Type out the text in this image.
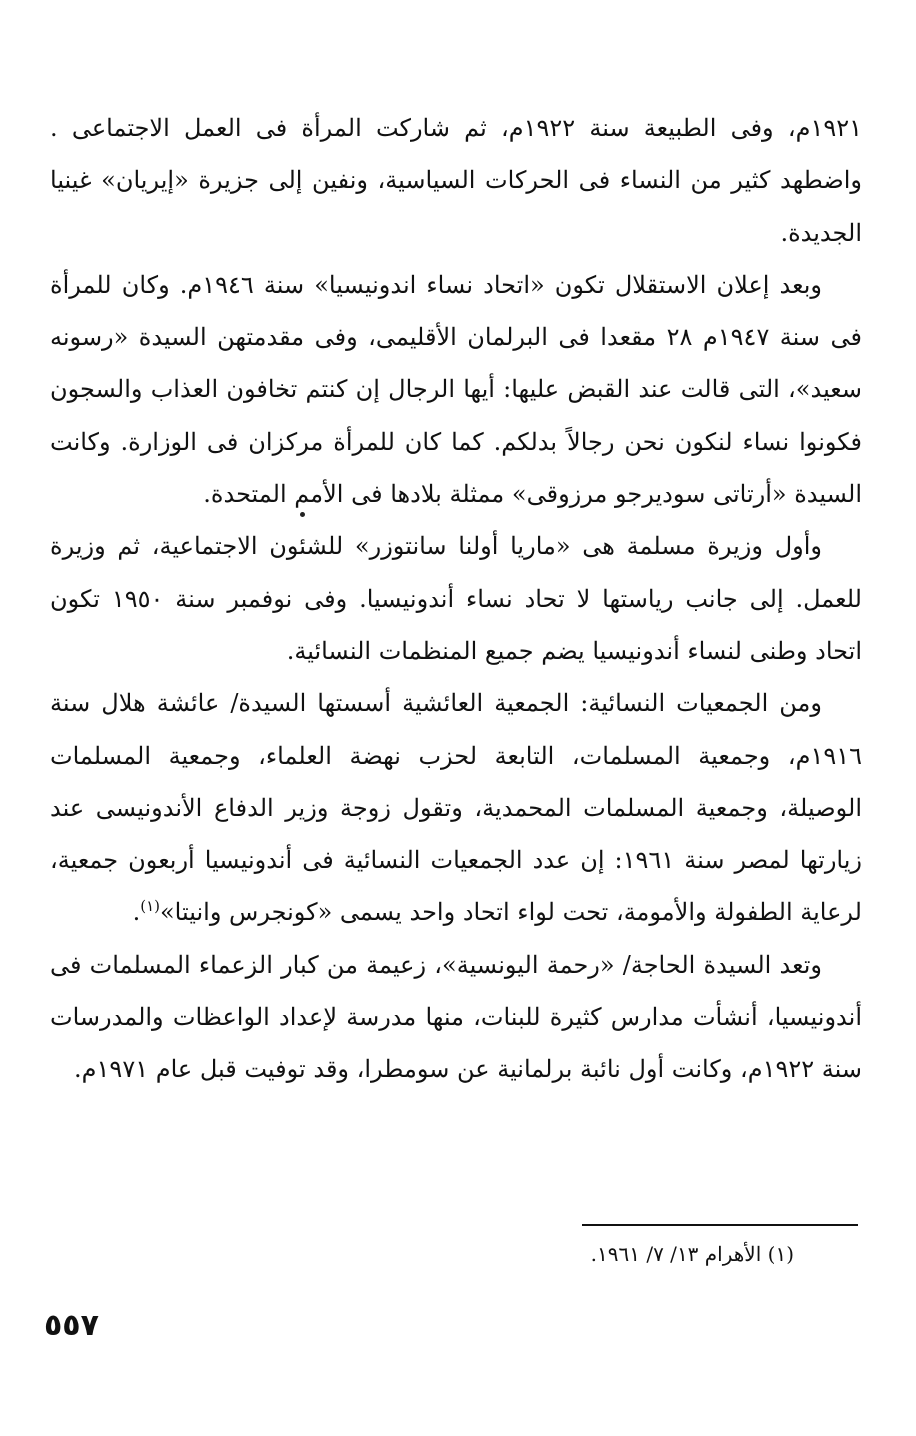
١٩٢١م، وفى الطبيعة سنة ١٩٢٢م، ثم شاركت المرأة فى العمل الاجتماعى . واضطهد كثير من النساء فى الحركات السياسية، ونفين إلى جزيرة «إيريان» غينيا الجديدة.

وبعد إعلان الاستقلال تكون «اتحاد نساء اندونيسيا» سنة ١٩٤٦م. وكان للمرأة فى سنة ١٩٤٧م ٢٨ مقعدا فى البرلمان الأقليمى، وفى مقدمتهن السيدة «رسونه سعيد»، التى قالت عند القبض عليها: أيها الرجال إن كنتم تخافون العذاب والسجون فكونوا نساء لنكون نحن رجالاً بدلكم. كما كان للمرأة مركزان فى الوزارة. وكانت السيدة «أرتاتى سوديرجو مرزوقى» ممثلة بلادها فى الأمم المتحدة.

وأول وزيرة مسلمة هى «ماريا أولنا سانتوزر» للشئون الاجتماعية، ثم وزيرة للعمل. إلى جانب رياستها لا تحاد نساء أندونيسيا. وفى نوفمبر سنة ١٩٥٠ تكون اتحاد وطنى لنساء أندونيسيا يضم جميع المنظمات النسائية.

ومن الجمعيات النسائية: الجمعية العائشية أسستها السيدة/ عائشة هلال سنة ١٩١٦م، وجمعية المسلمات، التابعة لحزب نهضة العلماء، وجمعية المسلمات الوصيلة، وجمعية المسلمات المحمدية، وتقول زوجة وزير الدفاع الأندونيسى عند زيارتها لمصر سنة ١٩٦١: إن عدد الجمعيات النسائية فى أندونيسيا أربعون جمعية، لرعاية الطفولة والأمومة، تحت لواء اتحاد واحد يسمى «كونجرس وانيتا»$^{(١)}$.

وتعد السيدة الحاجة/ «رحمة اليونسية»، زعيمة من كبار الزعماء المسلمات فى أندونيسيا، أنشأت مدارس كثيرة للبنات، منها مدرسة لإعداد الواعظات والمدرسات سنة ١٩٢٢م، وكانت أول نائبة برلمانية عن سومطرا، وقد توفيت قبل عام ١٩٧١م.

(١) الأهرام ١٣/ ٧/ ١٩٦١.
٥٥٧
